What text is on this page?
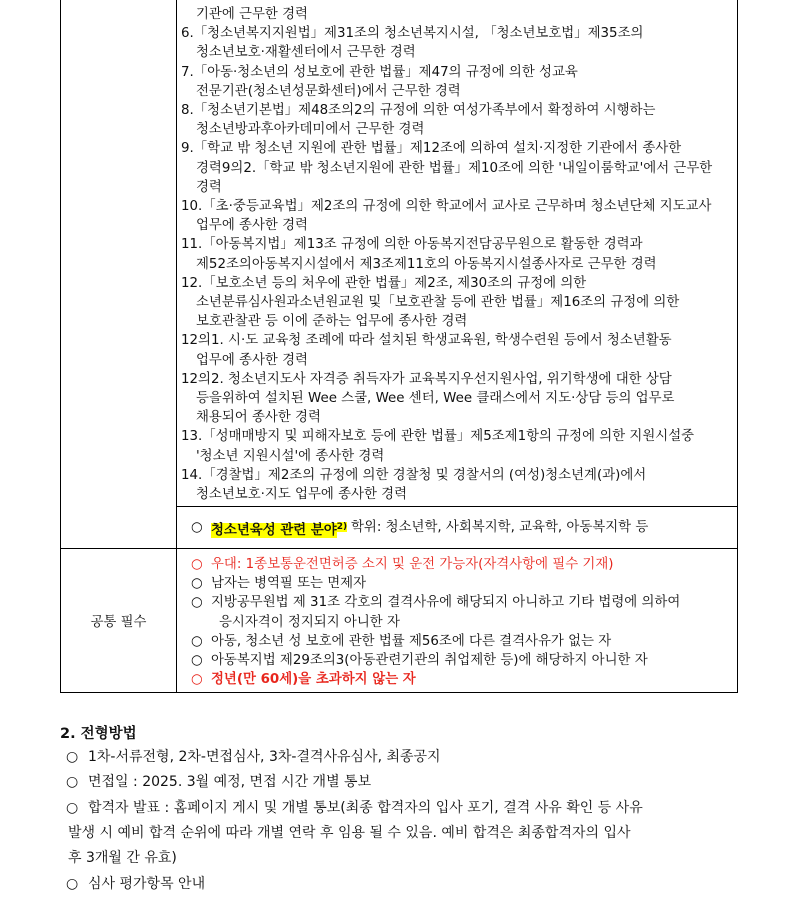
기관에 근무한 경력
6.「청소년복지지원법」제31조의 청소년복지시설, 「청소년보호법」제35조의
청소년보호·재활센터에서 근무한 경력
7.「아동·청소년의 성보호에 관한 법률」제47의 규정에 의한 성교육
전문기관(청소년성문화센터)에서 근무한 경력
8.「청소년기본법」제48조의2의 규정에 의한 여성가족부에서 확정하여 시행하는
청소년방과후아카데미에서 근무한 경력
9.「학교 밖 청소년 지원에 관한 법률」제12조에 의하여 설치·지정한 기관에서 종사한
경력9의2.「학교 밖 청소년지원에 관한 법률」제10조에 의한 '내일이룸학교'에서 근무한
경력
10.「초·중등교육법」제2조의 규정에 의한 학교에서 교사로 근무하며 청소년단체 지도교사
업무에 종사한 경력
11.「아동복지법」제13조 규정에 의한 아동복지전담공무원으로 활동한 경력과
제52조의아동복지시설에서 제3조제11호의 아동복지시설종사자로 근무한 경력
12.「보호소년 등의 처우에 관한 법률」제2조, 제30조의 규정에 의한
소년분류심사원과소년원교원 및「보호관찰 등에 관한 법률」제16조의 규정에 의한
보호관찰관 등 이에 준하는 업무에 종사한 경력
12의1. 시·도 교육청 조례에 따라 설치된 학생교육원, 학생수련원 등에서 청소년활동
업무에 종사한 경력
12의2. 청소년지도사 자격증 취득자가 교육복지우선지원사업, 위기학생에 대한 상담
등을위하여 설치된 Wee 스쿨, Wee 센터, Wee 클래스에서 지도·상담 등의 업무로
채용되어 종사한 경력
13.「성매매방지 및 피해자보호 등에 관한 법률」제5조제1항의 규정에 의한 지원시설중
'청소년 지원시설'에 종사한 경력
14.「경찰법」제2조의 규정에 의한 경찰청 및 경찰서의 (여성)청소년계(과)에서
청소년보호·지도 업무에 종사한 경력
○ 청소년육성 관련 분야$^{2)}$ 학위: 청소년학, 사회복지학, 교육학, 아동복지학 등
공통 필수
○ 우대: 1종보통운전면허증 소지 및 운전 가능자(자격사항에 필수 기재)
○ 남자는 병역필 또는 면제자
○ 지방공무원법 제 31조 각호의 결격사유에 해당되지 아니하고 기타 법령에 의하여
응시자격이 정지되지 아니한 자
○ 아동, 청소년 성 보호에 관한 법률 제56조에 다른 결격사유가 없는 자
○ 아동복지법 제29조의3(아동관련기관의 취업제한 등)에 해당하지 아니한 자
○ 정년(만 60세)을 초과하지 않는 자
2. 전형방법
○ 1차-서류전형, 2차-면접심사, 3차-결격사유심사, 최종공지
○ 면접일 : 2025. 3월 예정, 면접 시간 개별 통보
○ 합격자 발표 : 홈페이지 게시 및 개별 통보(최종 합격자의 입사 포기, 결격 사유 확인 등 사유
발생 시 예비 합격 순위에 따라 개별 연락 후 임용 될 수 있음. 예비 합격은 최종합격자의 입사
후 3개월 간 유효)
○ 심사 평가항목 안내
